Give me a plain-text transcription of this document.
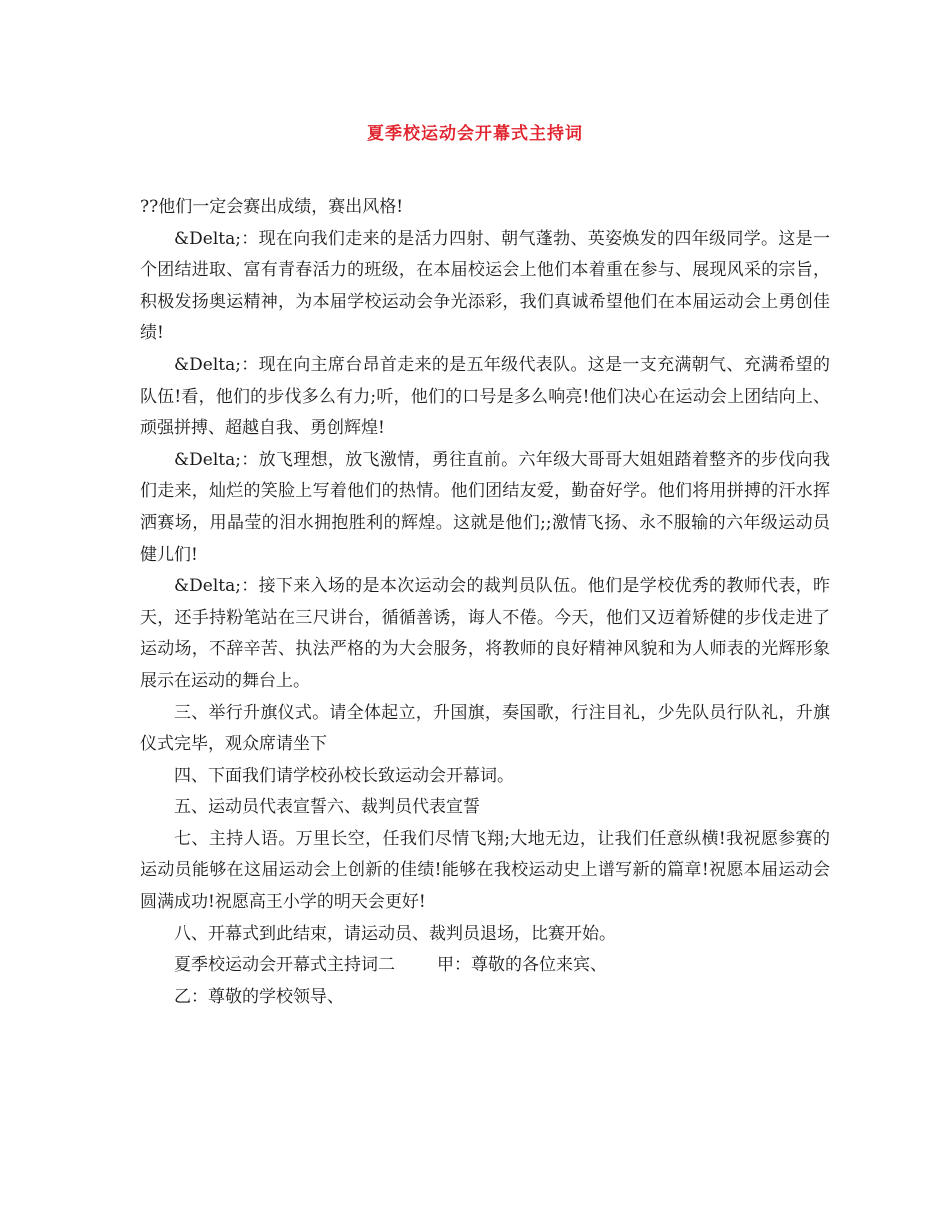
夏季校运动会开幕式主持词

??他们一定会赛出成绩，赛出风格!

&Delta;：现在向我们走来的是活力四射、朝气蓬勃、英姿焕发的四年级同学。这是一个团结进取、富有青春活力的班级，在本届校运会上他们本着重在参与、展现风采的宗旨，积极发扬奥运精神，为本届学校运动会争光添彩，我们真诚希望他们在本届运动会上勇创佳绩!

&Delta;：现在向主席台昂首走来的是五年级代表队。这是一支充满朝气、充满希望的队伍!看，他们的步伐多么有力;听，他们的口号是多么响亮!他们决心在运动会上团结向上、顽强拼搏、超越自我、勇创辉煌!

&Delta;：放飞理想，放飞激情，勇往直前。六年级大哥哥大姐姐踏着整齐的步伐向我们走来，灿烂的笑脸上写着他们的热情。他们团结友爱，勤奋好学。他们将用拼搏的汗水挥洒赛场，用晶莹的泪水拥抱胜利的辉煌。这就是他们;;激情飞扬、永不服输的六年级运动员健儿们!

&Delta;：接下来入场的是本次运动会的裁判员队伍。他们是学校优秀的教师代表，昨天，还手持粉笔站在三尺讲台，循循善诱，诲人不倦。今天，他们又迈着矫健的步伐走进了运动场，不辞辛苦、执法严格的为大会服务，将教师的良好精神风貌和为人师表的光辉形象展示在运动的舞台上。

三、举行升旗仪式。请全体起立，升国旗，奏国歌，行注目礼，少先队员行队礼，升旗仪式完毕，观众席请坐下

四、下面我们请学校孙校长致运动会开幕词。

五、运动员代表宣誓六、裁判员代表宣誓

七、主持人语。万里长空，任我们尽情飞翔;大地无边，让我们任意纵横!我祝愿参赛的运动员能够在这届运动会上创新的佳绩!能够在我校运动史上谱写新的篇章!祝愿本届运动会圆满成功!祝愿高王小学的明天会更好!

八、开幕式到此结束，请运动员、裁判员退场，比赛开始。

夏季校运动会开幕式主持词二 甲：尊敬的各位来宾、

乙：尊敬的学校领导、
